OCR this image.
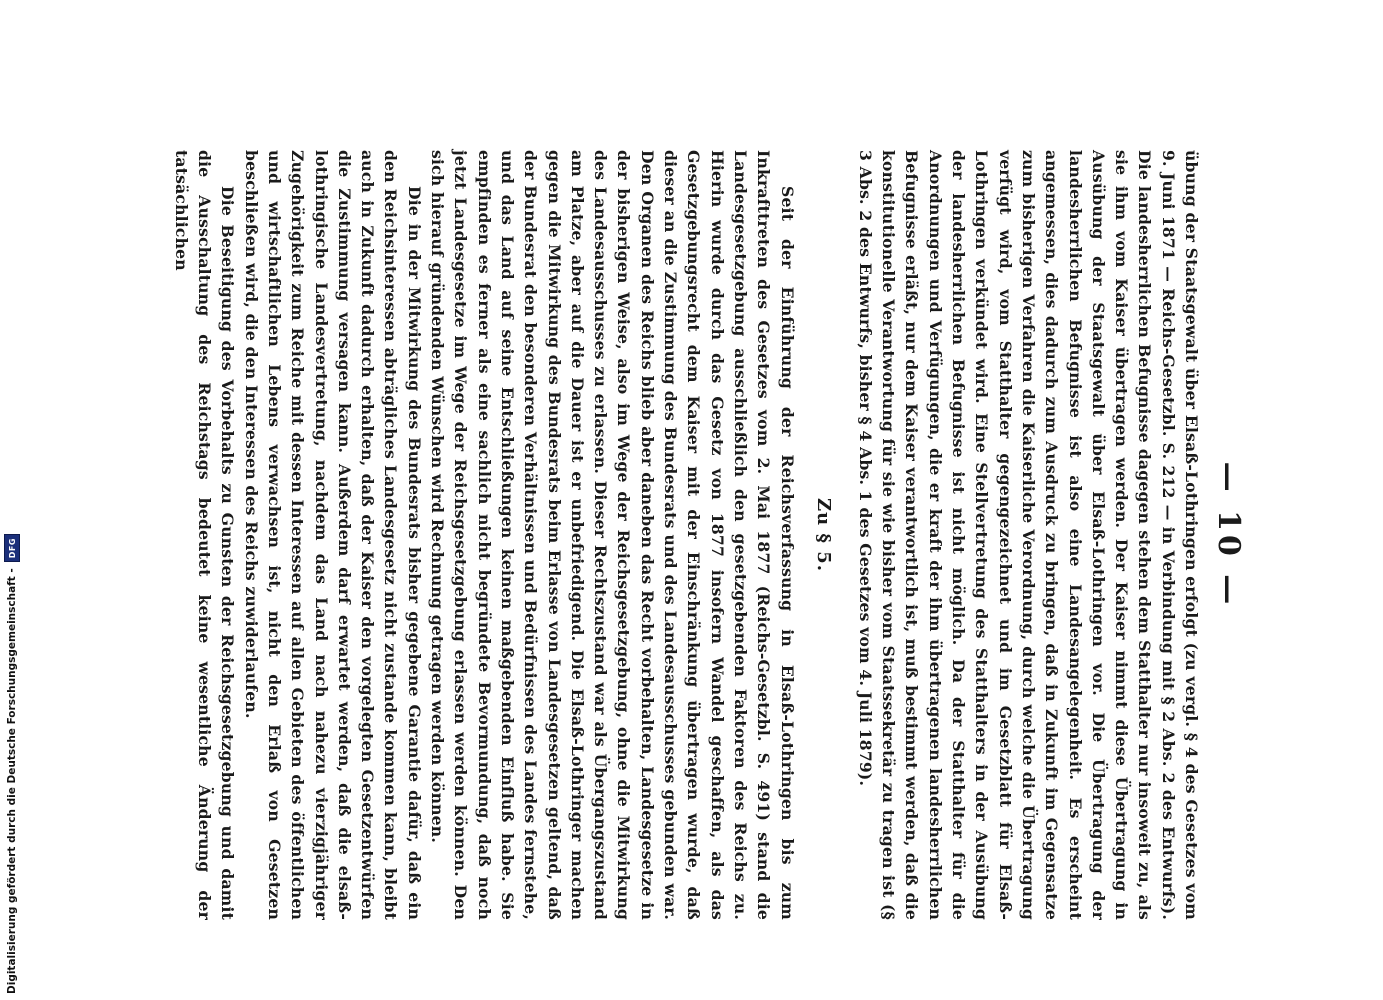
— 10 —

übung der Staatsgewalt über Elsaß-Lothringen erfolgt (zu vergl. § 4 des Gesetzes vom 9. Juni 1871 — Reichs-Gesetzbl. S. 212 — in Verbindung mit § 2 Abs. 2 des Entwurfs). Die landesherrlichen Befugnisse dagegen stehen dem Statthalter nur insoweit zu, als sie ihm vom Kaiser übertragen werden. Der Kaiser nimmt diese Übertragung in Ausübung der Staatsgewalt über Elsaß-Lothringen vor. Die Übertragung der landesherrlichen Befugnisse ist also eine Landesangelegenheit. Es erscheint angemessen, dies dadurch zum Ausdruck zu bringen, daß in Zukunft im Gegensatze zum bisherigen Verfahren die Kaiserliche Verordnung, durch welche die Übertragung verfügt wird, vom Statthalter gegengezeichnet und im Gesetzblatt für Elsaß-Lothringen verkündet wird. Eine Stellvertretung des Statthalters in der Ausübung der landesherrlichen Befugnisse ist nicht möglich. Da der Statthalter für die Anordnungen und Verfügungen, die er kraft der ihm übertragenen landesherrlichen Befugnisse erläßt, nur dem Kaiser verantwortlich ist, muß bestimmt werden, daß die konstitutionelle Verantwortung für sie wie bisher vom Staatssekretär zu tragen ist (§ 3 Abs. 2 des Entwurfs, bisher § 4 Abs. 1 des Gesetzes vom 4. Juli 1879).

Zu § 5.

Seit der Einführung der Reichsverfassung in Elsaß-Lothringen bis zum Inkrafttreten des Gesetzes vom 2. Mai 1877 (Reichs-Gesetzbl. S. 491) stand die Landesgesetzgebung ausschließlich den gesetzgebenden Faktoren des Reichs zu. Hierin wurde durch das Gesetz von 1877 insofern Wandel geschaffen, als das Gesetzgebungsrecht dem Kaiser mit der Einschränkung übertragen wurde, daß dieser an die Zustimmung des Bundesrats und des Landesausschusses gebunden war. Den Organen des Reichs blieb aber daneben das Recht vorbehalten, Landesgesetze in der bisherigen Weise, also im Wege der Reichsgesetzgebung, ohne die Mitwirkung des Landesausschusses zu erlassen. Dieser Rechtszustand war als Übergangszustand am Platze, aber auf die Dauer ist er unbefriedigend. Die Elsaß-Lothringer machen gegen die Mitwirkung des Bundesrats beim Erlasse von Landesgesetzen geltend, daß der Bundesrat den besonderen Verhältnissen und Bedürfnissen des Landes fernstehe, und das Land auf seine Entschließungen keinen maßgebenden Einfluß habe. Sie empfinden es ferner als eine sachlich nicht begründete Bevormundung, daß noch jetzt Landesgesetze im Wege der Reichsgesetzgebung erlassen werden können. Den sich hierauf gründenden Wünschen wird Rechnung getragen werden können.

Die in der Mitwirkung des Bundesrats bisher gegebene Garantie dafür, daß ein den Reichsinteressen abträgliches Landesgesetz nicht zustande kommen kann, bleibt auch in Zukunft dadurch erhalten, daß der Kaiser den vorgelegten Gesetzentwürfen die Zustimmung versagen kann. Außerdem darf erwartet werden, daß die elsaß-lothringische Landesvertretung, nachdem das Land nach nahezu vierzigjähriger Zugehörigkeit zum Reiche mit dessen Interessen auf allen Gebieten des öffentlichen und wirtschaftlichen Lebens verwachsen ist, nicht den Erlaß von Gesetzen beschließen wird, die den Interessen des Reichs zuwiderlaufen.

Die Beseitigung des Vorbehalts zu Gunsten der Reichsgesetzgebung und damit die Ausschaltung des Reichstags bedeutet keine wesentliche Änderung der tatsächlichen

Digitalisierung gefördert durch die Deutsche Forschungsgemeinschaft -
DFG
